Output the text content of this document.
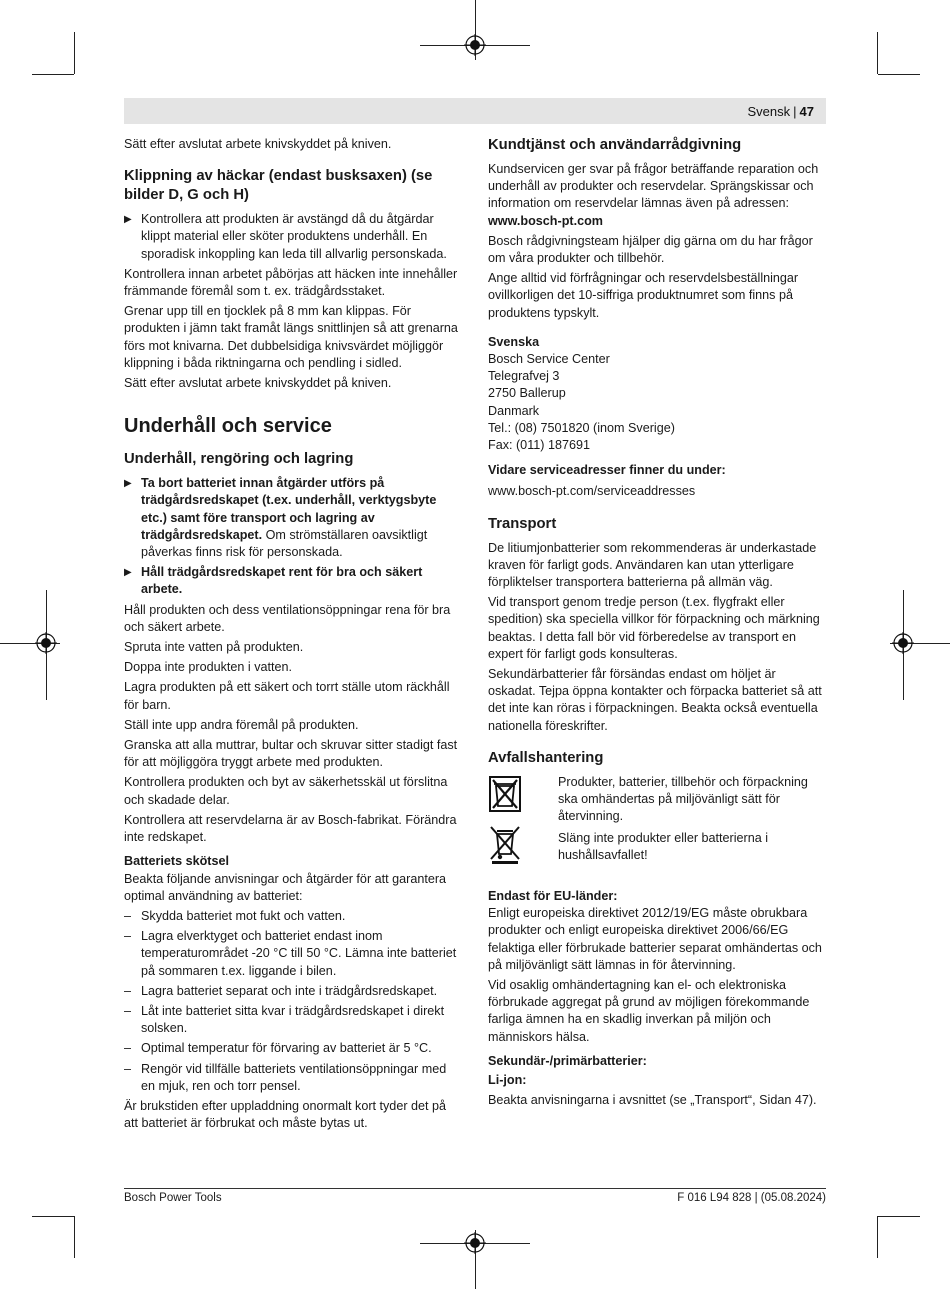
Svensk | 47

Sätt efter avslutat arbete knivskyddet på kniven.

Klippning av häckar (endast busksaxen) (se bilder D, G och H)
▶ Kontrollera att produkten är avstängd då du åtgärdar klippt material eller sköter produktens underhåll. En sporadisk inkoppling kan leda till allvarlig personskada.

Kontrollera innan arbetet påbörjas att häcken inte innehåller främmande föremål som t. ex. trädgårdsstaket.

Grenar upp till en tjocklek på 8 mm kan klippas. För produkten i jämn takt framåt längs snittlinjen så att grenarna förs mot knivarna. Det dubbelsidiga knivsvärdet möjliggör klippning i båda riktningarna och pendling i sidled.

Sätt efter avslutat arbete knivskyddet på kniven.

Underhåll och service
Underhåll, rengöring och lagring
▶ Ta bort batteriet innan åtgärder utförs på trädgårdsredskapet (t.ex. underhåll, verktygsbyte etc.) samt före transport och lagring av trädgårdsredskapet. Om strömställaren oavsiktligt påverkas finns risk för personskada.
▶ Håll trädgårdsredskapet rent för bra och säkert arbete.

Håll produkten och dess ventilationsöppningar rena för bra och säkert arbete.

Spruta inte vatten på produkten.

Doppa inte produkten i vatten.

Lagra produkten på ett säkert och torrt ställe utom räckhåll för barn.

Ställ inte upp andra föremål på produkten.

Granska att alla muttrar, bultar och skruvar sitter stadigt fast för att möjliggöra tryggt arbete med produkten.

Kontrollera produkten och byt av säkerhetsskäl ut förslitna och skadade delar.

Kontrollera att reservdelarna är av Bosch-fabrikat. Förändra inte redskapet.

Batteriets skötsel

Beakta följande anvisningar och åtgärder för att garantera optimal användning av batteriet:

– Skydda batteriet mot fukt och vatten.
– Lagra elverktyget och batteriet endast inom temperaturområdet -20 °C till 50 °C. Lämna inte batteriet på sommaren t.ex. liggande i bilen.
– Lagra batteriet separat och inte i trädgårdsredskapet.
– Låt inte batteriet sitta kvar i trädgårdsredskapet i direkt solsken.
– Optimal temperatur för förvaring av batteriet är 5 °C.
– Rengör vid tillfälle batteriets ventilationsöppningar med en mjuk, ren och torr pensel.

Är brukstiden efter uppladdning onormalt kort tyder det på att batteriet är förbrukat och måste bytas ut.

Kundtjänst och användarrådgivning

Kundservicen ger svar på frågor beträffande reparation och underhåll av produkter och reservdelar. Sprängskissar och information om reservdelar lämnas även på adressen:
www.bosch-pt.com

Bosch rådgivningsteam hjälper dig gärna om du har frågor om våra produkter och tillbehör.

Ange alltid vid förfrågningar och reservdelsbeställningar ovillkorligen det 10-siffriga produktnumret som finns på produktens typskylt.

Svenska

Bosch Service Center

Telegrafvej 3

2750 Ballerup

Danmark

Tel.: (08) 7501820 (inom Sverige)

Fax: (011) 187691

Vidare serviceadresser finner du under:

www.bosch-pt.com/serviceaddresses

Transport

De litiumjonbatterier som rekommenderas är underkastade kraven för farligt gods. Användaren kan utan ytterligare förpliktelser transportera batterierna på allmän väg.

Vid transport genom tredje person (t.ex. flygfrakt eller spedition) ska speciella villkor för förpackning och märkning beaktas. I detta fall bör vid förberedelse av transport en expert för farligt gods konsulteras.

Sekundärbatterier får försändas endast om höljet är oskadat. Tejpa öppna kontakter och förpacka batteriet så att det inte kan röras i förpackningen. Beakta också eventuella nationella föreskrifter.

Avfallshantering

Produkter, batterier, tillbehör och förpackning ska omhändertas på miljövänligt sätt för återvinning.

Släng inte produkter eller batterierna i hushållsavfallet!

Endast för EU-länder:

Enligt europeiska direktivet 2012/19/EG måste obrukbara produkter och enligt europeiska direktivet 2006/66/EG felaktiga eller förbrukade batterier separat omhändertas och på miljövänligt sätt lämnas in för återvinning.

Vid osaklig omhändertagning kan el- och elektroniska förbrukade aggregat på grund av möjligen förekommande farliga ämnen ha en skadlig inverkan på miljön och människors hälsa.

Sekundär-/primärbatterier:
Li-jon:

Beakta anvisningarna i avsnittet (se „Transport“, Sidan 47).

Bosch Power Tools	F 016 L94 828 | (05.08.2024)
